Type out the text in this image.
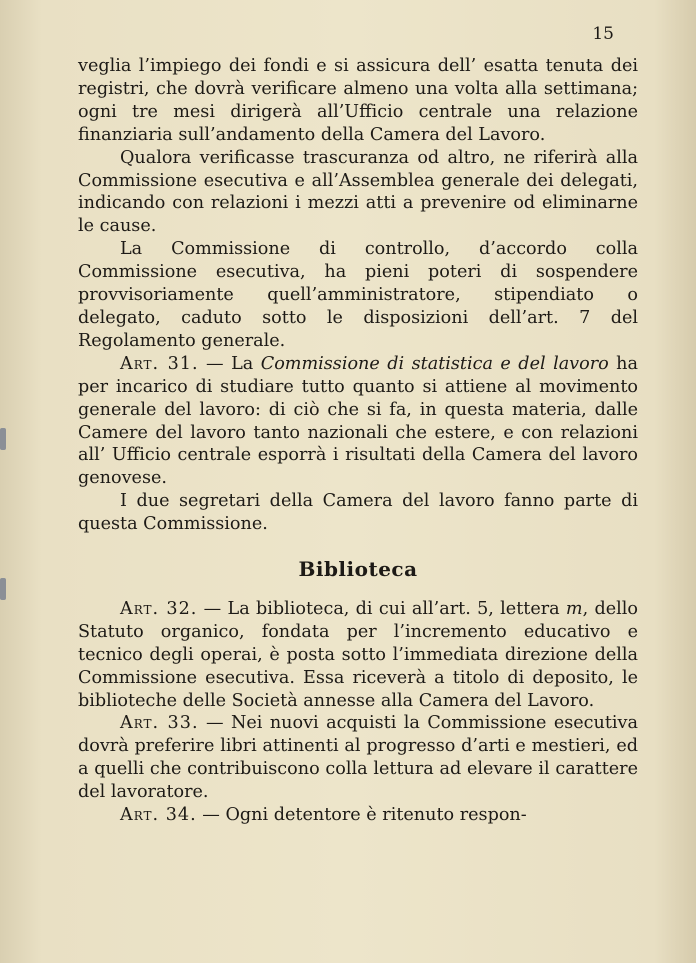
15

veglia l’impiego dei fondi e si assicura dell’ esatta tenuta dei registri, che dovrà verificare almeno una volta alla settimana; ogni tre mesi dirigerà all’Ufficio centrale una relazione finanziaria sull’andamento della Camera del Lavoro.

Qualora verificasse trascuranza od altro, ne riferirà alla Commissione esecutiva e all’Assemblea generale dei delegati, indicando con relazioni i mezzi atti a prevenire od eliminarne le cause.

La Commissione di controllo, d’accordo colla Commissione esecutiva, ha pieni poteri di sospendere provvisoriamente quell’amministratore, stipendiato o delegato, caduto sotto le disposizioni dell’art. 7 del Regolamento generale.

Art. 31. — La Commissione di statistica e del lavoro ha per incarico di studiare tutto quanto si attiene al movimento generale del lavoro: di ciò che si fa, in questa materia, dalle Camere del lavoro tanto nazionali che estere, e con relazioni all’ Ufficio centrale esporrà i risultati della Camera del lavoro genovese.

I due segretari della Camera del lavoro fanno parte di questa Commissione.

Biblioteca

Art. 32. — La biblioteca, di cui all’art. 5, lettera m, dello Statuto organico, fondata per l’incremento educativo e tecnico degli operai, è posta sotto l’immediata direzione della Commissione esecutiva. Essa riceverà a titolo di deposito, le biblioteche delle Società annesse alla Camera del Lavoro.

Art. 33. — Nei nuovi acquisti la Commissione esecutiva dovrà preferire libri attinenti al progresso d’arti e mestieri, ed a quelli che contribuiscono colla lettura ad elevare il carattere del lavoratore.

Art. 34. — Ogni detentore è ritenuto respon-
